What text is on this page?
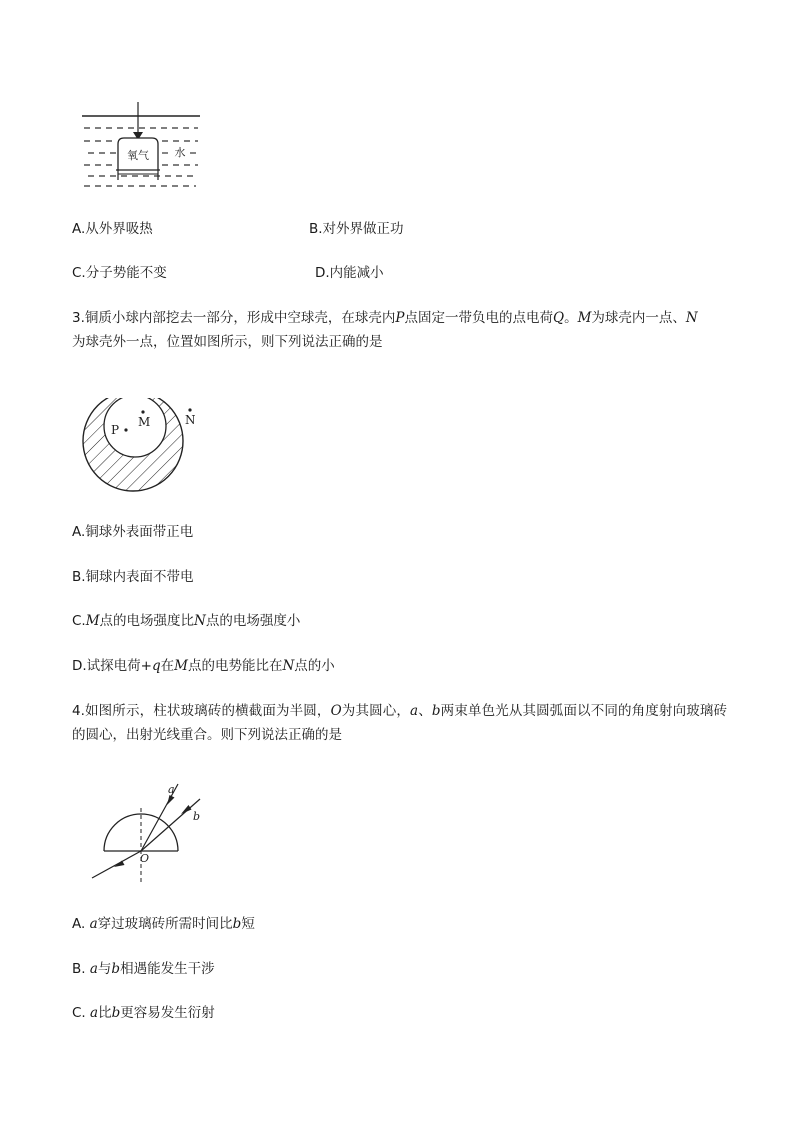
氧气 水
A.从外界吸热	B.对外界做正功
C.分子势能不变	D.内能减小
3.铜质小球内部挖去一部分，形成中空球壳，在球壳内P点固定一带负电的点电荷Q。M为球壳内一点、N
为球壳外一点，位置如图所示，则下列说法正确的是
P
M	N
A.铜球外表面带正电
B.铜球内表面不带电
C.M点的电场强度比N点的电场强度小
D.试探电荷+q在M点的电势能比在N点的小
4.如图所示，柱状玻璃砖的横截面为半圆，O为其圆心，a、b两束单色光从其圆弧面以不同的角度射向玻璃砖的圆心，出射光线重合。则下列说法正确的是
a
b
O
A. a穿过玻璃砖所需时间比b短
B. a与b相遇能发生干涉
C. a比b更容易发生衍射
